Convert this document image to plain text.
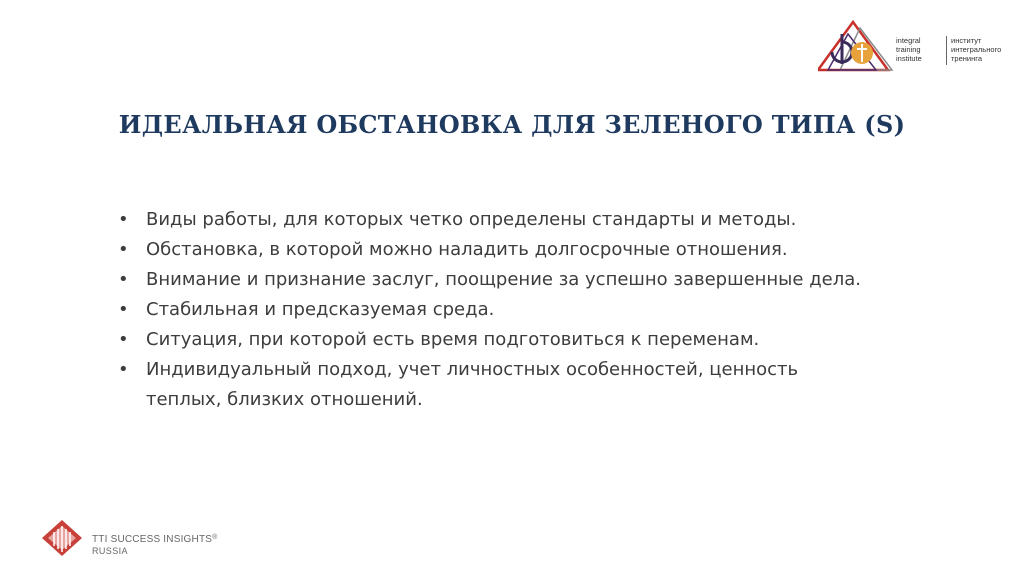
integral
training
institute
институт
интегрального
тренинга
ИДЕАЛЬНАЯ ОБСТАНОВКА ДЛЯ ЗЕЛЕНОГО ТИПА (S)
• Виды работы, для которых четко определены стандарты и методы.
• Обстановка, в которой можно наладить долгосрочные отношения.
• Внимание и признание заслуг, поощрение за успешно завершенные дела.
• Стабильная и предсказуемая среда.
• Ситуация, при которой есть время подготовиться к переменам.
• Индивидуальный подход, учет личностных особенностей, ценность теплых, близких отношений.
TTI SUCCESS INSIGHTS®
RUSSIA
